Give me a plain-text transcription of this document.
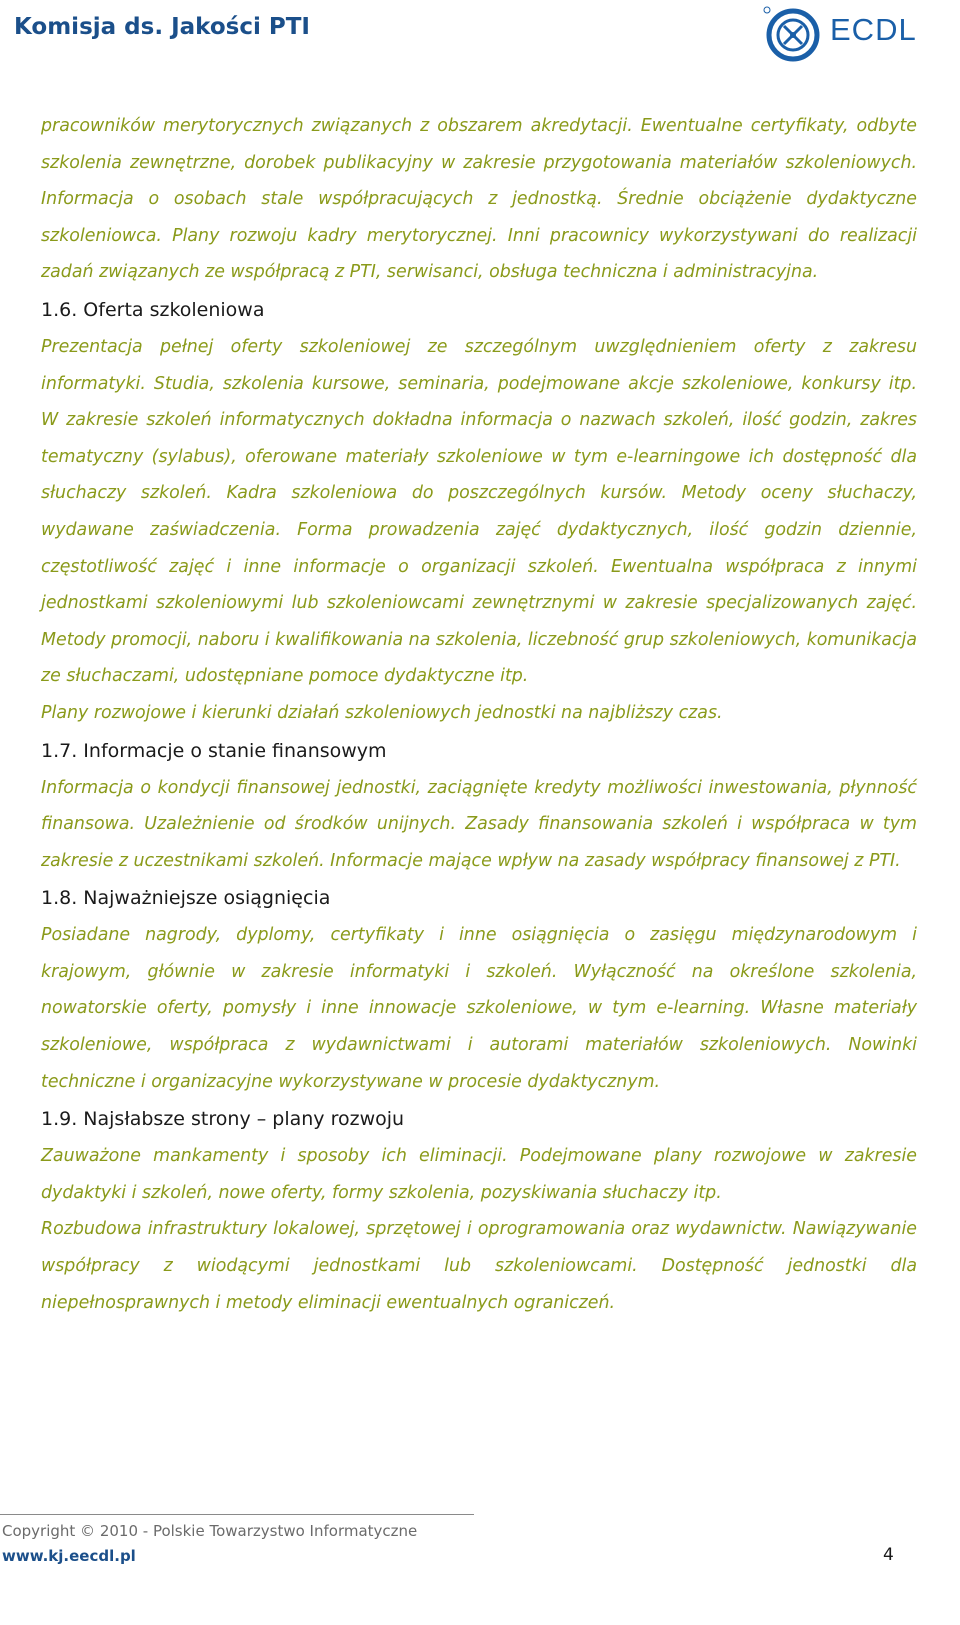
Komisja ds. Jakości PTI	ECDL

pracowników merytorycznych związanych z obszarem akredytacji. Ewentualne certyfikaty, odbyte szkolenia zewnętrzne, dorobek publikacyjny w zakresie przygotowania materiałów szkoleniowych. Informacja o osobach stale współpracujących z jednostką. Średnie obciążenie dydaktyczne szkoleniowca. Plany rozwoju kadry merytorycznej. Inni pracownicy wykorzystywani do realizacji zadań związanych ze współpracą z PTI, serwisanci, obsługa techniczna i administracyjna.

1.6. Oferta szkoleniowa

Prezentacja pełnej oferty szkoleniowej ze szczególnym uwzględnieniem oferty z zakresu informatyki. Studia, szkolenia kursowe, seminaria, podejmowane akcje szkoleniowe, konkursy itp. W zakresie szkoleń informatycznych dokładna informacja o nazwach szkoleń, ilość godzin, zakres tematyczny (sylabus), oferowane materiały szkoleniowe w tym e-learningowe ich dostępność dla słuchaczy szkoleń. Kadra szkoleniowa do poszczególnych kursów. Metody oceny słuchaczy, wydawane zaświadczenia. Forma prowadzenia zajęć dydaktycznych, ilość godzin dziennie, częstotliwość zajęć i inne informacje o organizacji szkoleń. Ewentualna współpraca z innymi jednostkami szkoleniowymi lub szkoleniowcami zewnętrznymi w zakresie specjalizowanych zajęć. Metody promocji, naboru i kwalifikowania na szkolenia, liczebność grup szkoleniowych, komunikacja ze słuchaczami, udostępniane pomoce dydaktyczne itp.

Plany rozwojowe i kierunki działań szkoleniowych jednostki na najbliższy czas.

1.7. Informacje o stanie finansowym

Informacja o kondycji finansowej jednostki, zaciągnięte kredyty możliwości inwestowania, płynność finansowa. Uzależnienie od środków unijnych. Zasady finansowania szkoleń i współpraca w tym zakresie z uczestnikami szkoleń. Informacje mające wpływ na zasady współpracy finansowej z PTI.

1.8. Najważniejsze osiągnięcia

Posiadane nagrody, dyplomy, certyfikaty i inne osiągnięcia o zasięgu międzynarodowym i krajowym, głównie w zakresie informatyki i szkoleń. Wyłączność na określone szkolenia, nowatorskie oferty, pomysły i inne innowacje szkoleniowe, w tym e-learning. Własne materiały szkoleniowe, współpraca z wydawnictwami i autorami materiałów szkoleniowych. Nowinki techniczne i organizacyjne wykorzystywane w procesie dydaktycznym.

1.9. Najsłabsze strony – plany rozwoju

Zauważone mankamenty i sposoby ich eliminacji. Podejmowane plany rozwojowe w zakresie dydaktyki i szkoleń, nowe oferty, formy szkolenia, pozyskiwania słuchaczy itp.

Rozbudowa infrastruktury lokalowej, sprzętowej i oprogramowania oraz wydawnictw. Nawiązywanie współpracy z wiodącymi jednostkami lub szkoleniowcami. Dostępność jednostki dla niepełnosprawnych i metody eliminacji ewentualnych ograniczeń.

Copyright © 2010 - Polskie Towarzystwo Informatyczne
www.kj.eecdl.pl	4
